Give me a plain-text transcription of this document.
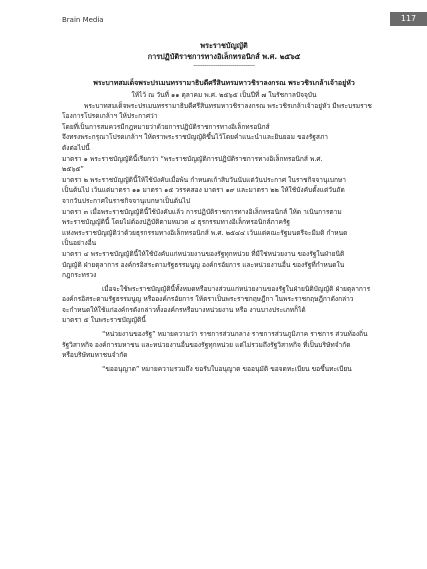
Brain Media	117

พระราชบัญญัติ

การปฏิบัติราชการทางอิเล็กทรอนิกส์ พ.ศ. ๒๕๖๕

---------------------------------

พระบาทสมเด็จพระปรเมนทรรามาธิบดีศรีสินทรมหาวชิราลงกรณ พระวชิรเกล้าเจ้าอยู่หัว

ให้ไว้ ณ วันที่ ๑๑ ตุลาคม พ.ศ. ๒๕๖๕ เป็นปีที่ ๗ ในรัชกาลปัจจุบัน

พระบาทสมเด็จพระปรเมนทรรามาธิบดีศรีสินทรมหาวชิราลงกรณ พระวชิรเกล้าเจ้าอยู่หัว มีพระบรมราช

โองการโปรดเกล้าฯ ให้ประกาศว่า

โดยที่เป็นการสมควรมีกฎหมายว่าด้วยการปฏิบัติราชการทางอิเล็กทรอนิกส์

จึงทรงพระกรุณาโปรดเกล้าฯ ให้ตราพระราชบัญญัติขึ้นไว้โดยคำแนะนำและยินยอม ของรัฐสภา

ดังต่อไปนี้

มาตรา ๑ พระราชบัญญัตินี้เรียกว่า “พระราชบัญญัติการปฏิบัติราชการทางอิเล็กทรอนิกส์ พ.ศ.

๒๕๖๕”

มาตรา ๒ พระราชบัญญัตินี้ให้ใช้บังคับเมื่อพ้น กำหนดเก้าสิบวันนับแต่วันประกาศ ในราชกิจจานุเบกษา

เป็นต้นไป เว้นแต่มาตรา ๑๑ มาตรา ๑๕ วรรคสอง มาตรา ๑๙ และมาตรา ๒๒ ให้ใช้บังคับตั้งแต่วันถัด

จากวันประกาศในราชกิจจานุเบกษาเป็นต้นไป

มาตรา ๓ เมื่อพระราชบัญญัตินี้ใช้บังคับแล้ว การปฏิบัติราชการทางอิเล็กทรอนิกส์ ให้ด าเนินการตาม

พระราชบัญญัตินี้ โดยไม่ต้องปฏิบัติตามหมวด ๔ ธุรกรรมทางอิเล็กทรอนิกส์ภาครัฐ

แห่งพระราชบัญญัติว่าด้วยธุรกรรมทางอิเล็กทรอนิกส์ พ.ศ. ๒๕๔๔ เว้นแต่คณะรัฐมนตรีจะมีมติ กำหนด

เป็นอย่างอื่น

มาตรา ๔ พระราชบัญญัตินี้ให้ใช้บังคับแก่หน่วยงานของรัฐทุกหน่วย ที่มีใช่หน่วยงาน ของรัฐในฝ่ายนิติ

บัญญัติ ฝ่ายตุลาการ องค์กรอิสระตามรัฐธรรมนูญ องค์กรอัยการ และหน่วยงานอื่น ของรัฐที่กำหนดใน

กฎกระทรวง

เมื่อจะใช้พระราชบัญญัตินี้ทั้งหมดหรือบางส่วนแก่หน่วยงานของรัฐในฝ่ายนิติบัญญัติ ฝ่ายตุลาการ

องค์กรอิสระตามรัฐธรรมนูญ หรือองค์กรอัยการ ให้ตราเป็นพระราชกฤษฎีกา ในพระราชกฤษฎีกาดังกล่าว

จะกำหนดให้ใช้แก่องค์กรดังกล่าวทั้งองค์กรหรือบางหน่วยงาน หรือ งานบางประเภทก็ได้

มาตรา ๕ ในพระราชบัญญัตินี้

“หน่วยงานของรัฐ” หมายความว่า ราชการส่วนกลาง ราชการส่วนภูมิภาค ราชการ ส่วนท้องถิ่น

รัฐวิสาหกิจ องค์การมหาชน และหน่วยงานอื่นของรัฐทุกหน่วย แต่ไม่รวมถึงรัฐวิสาหกิจ ที่เป็นบริษัทจำกัด

หรือบริษัทมหาชนจำกัด

“ขออนุญาต” หมายความรวมถึง ขอรับใบอนุญาต ขออนุมัติ ขอจดทะเบียน ขอขึ้นทะเบียน
